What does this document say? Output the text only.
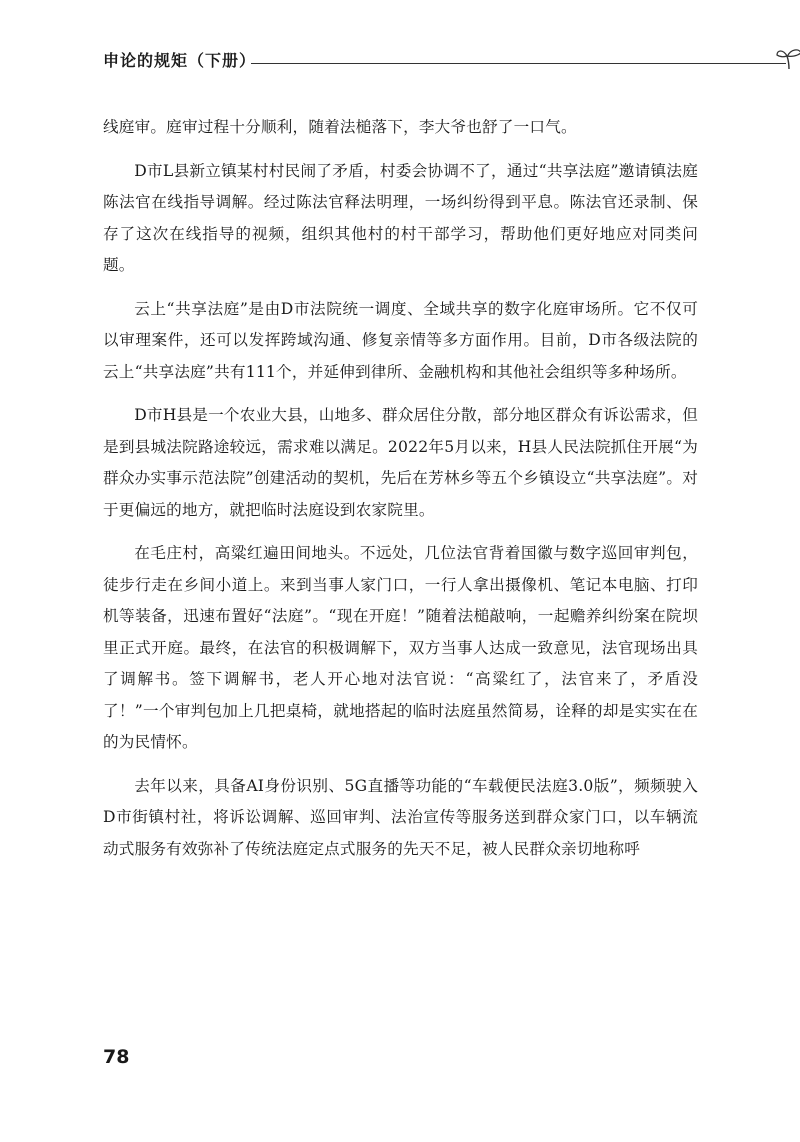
申论的规矩（下册）

线庭审。庭审过程十分顺利，随着法槌落下，李大爷也舒了一口气。

D市L县新立镇某村村民闹了矛盾，村委会协调不了，通过“共享法庭”邀请镇法庭陈法官在线指导调解。经过陈法官释法明理，一场纠纷得到平息。陈法官还录制、保存了这次在线指导的视频，组织其他村的村干部学习，帮助他们更好地应对同类问题。

云上“共享法庭”是由D市法院统一调度、全域共享的数字化庭审场所。它不仅可以审理案件，还可以发挥跨域沟通、修复亲情等多方面作用。目前，D市各级法院的云上“共享法庭”共有111个，并延伸到律所、金融机构和其他社会组织等多种场所。

D市H县是一个农业大县，山地多、群众居住分散，部分地区群众有诉讼需求，但是到县城法院路途较远，需求难以满足。2022年5月以来，H县人民法院抓住开展“为群众办实事示范法院”创建活动的契机，先后在芳林乡等五个乡镇设立“共享法庭”。对于更偏远的地方，就把临时法庭设到农家院里。

在毛庄村，高粱红遍田间地头。不远处，几位法官背着国徽与数字巡回审判包，徒步行走在乡间小道上。来到当事人家门口，一行人拿出摄像机、笔记本电脑、打印机等装备，迅速布置好“法庭”。“现在开庭！”随着法槌敲响，一起赡养纠纷案在院坝里正式开庭。最终，在法官的积极调解下，双方当事人达成一致意见，法官现场出具了调解书。签下调解书，老人开心地对法官说：“高粱红了，法官来了，矛盾没了！”一个审判包加上几把桌椅，就地搭起的临时法庭虽然简易，诠释的却是实实在在的为民情怀。

去年以来，具备AI身份识别、5G直播等功能的“车载便民法庭3.0版”，频频驶入D市街镇村社，将诉讼调解、巡回审判、法治宣传等服务送到群众家门口，以车辆流动式服务有效弥补了传统法庭定点式服务的先天不足，被人民群众亲切地称呼

78
